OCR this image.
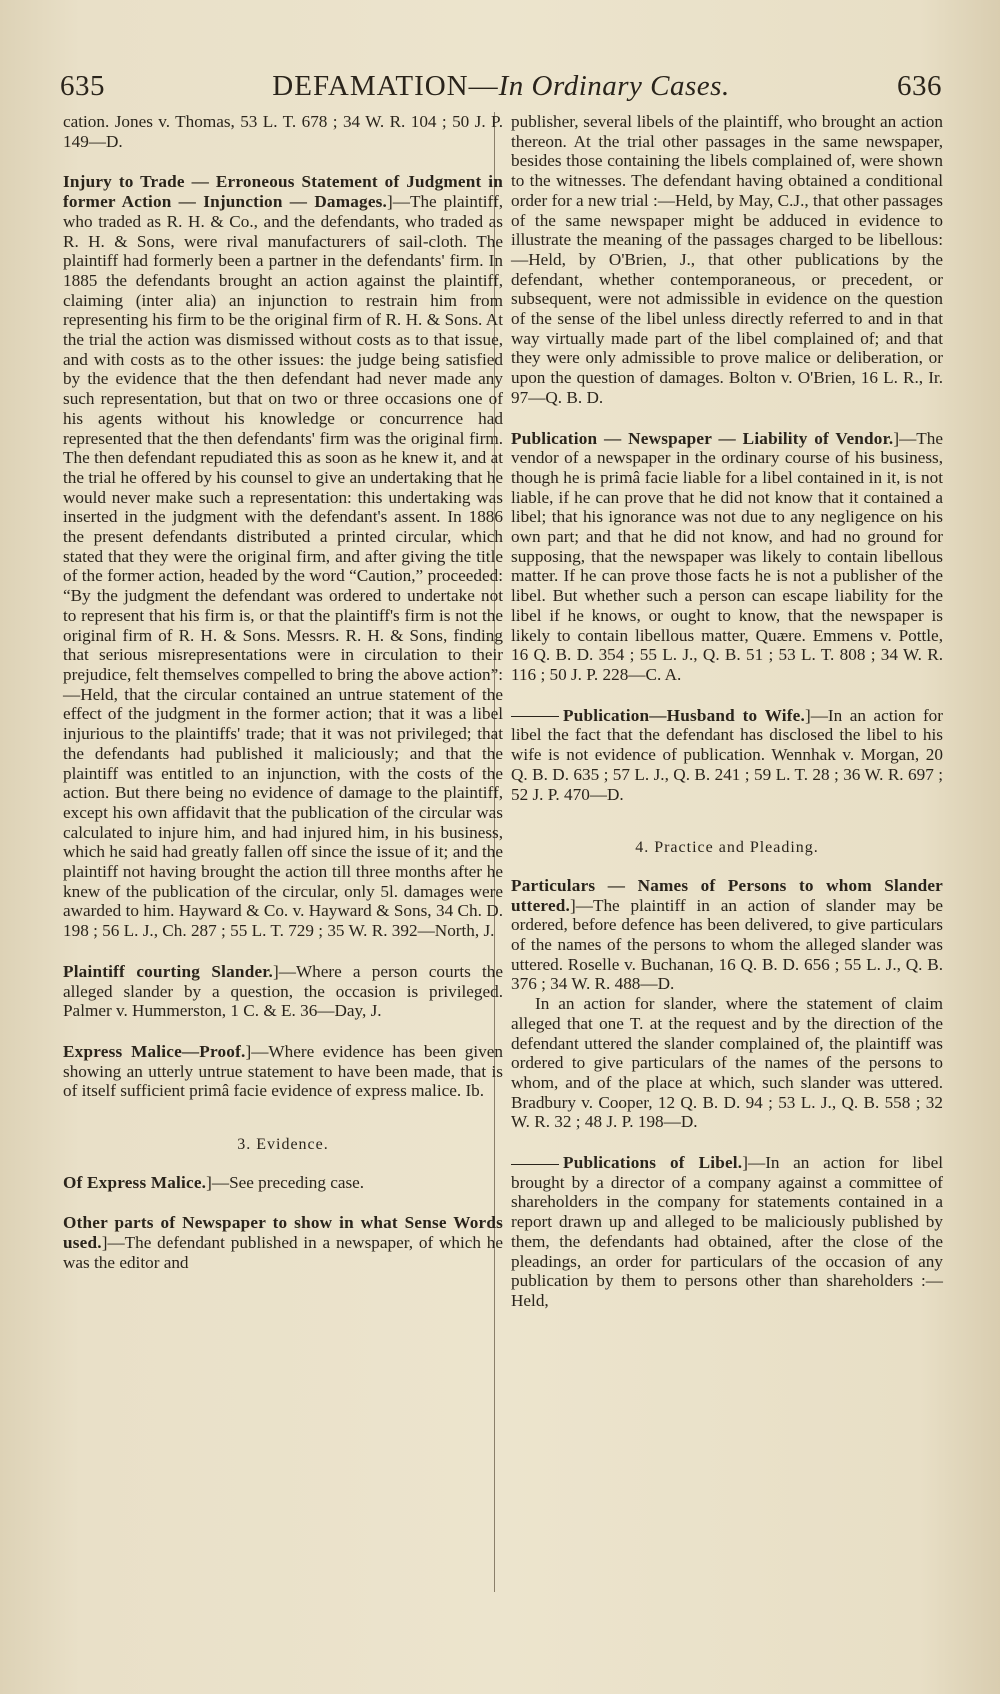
635	DEFAMATION—In Ordinary Cases.	636

cation. Jones v. Thomas, 53 L. T. 678 ; 34 W. R. 104 ; 50 J. P. 149—D.

Injury to Trade — Erroneous Statement of Judgment in former Action — Injunction — Damages.]—The plaintiff, who traded as R. H. & Co., and the defendants, who traded as R. H. & Sons, were rival manufacturers of sail-cloth. The plaintiff had formerly been a partner in the defendants' firm. In 1885 the defendants brought an action against the plaintiff, claiming (inter alia) an injunction to restrain him from representing his firm to be the original firm of R. H. & Sons. At the trial the action was dismissed without costs as to that issue, and with costs as to the other issues: the judge being satisfied by the evidence that the then defendant had never made any such representation, but that on two or three occasions one of his agents without his knowledge or concurrence had represented that the then defendants' firm was the original firm. The then defendant repudiated this as soon as he knew it, and at the trial he offered by his counsel to give an undertaking that he would never make such a representation: this undertaking was inserted in the judgment with the defendant's assent. In 1886 the present defendants distributed a printed circular, which stated that they were the original firm, and after giving the title of the former action, headed by the word “Caution,” proceeded: “By the judgment the defendant was ordered to undertake not to represent that his firm is, or that the plaintiff's firm is not the original firm of R. H. & Sons. Messrs. R. H. & Sons, finding that serious misrepresentations were in circulation to their prejudice, felt themselves compelled to bring the above action”: —Held, that the circular contained an untrue statement of the effect of the judgment in the former action; that it was a libel injurious to the plaintiffs' trade; that it was not privileged; that the defendants had published it maliciously; and that the plaintiff was entitled to an injunction, with the costs of the action. But there being no evidence of damage to the plaintiff, except his own affidavit that the publication of the circular was calculated to injure him, and had injured him, in his business, which he said had greatly fallen off since the issue of it; and the plaintiff not having brought the action till three months after he knew of the publication of the circular, only 5l. damages were awarded to him. Hayward & Co. v. Hayward & Sons, 34 Ch. D. 198 ; 56 L. J., Ch. 287 ; 55 L. T. 729 ; 35 W. R. 392—North, J.

Plaintiff courting Slander.]—Where a person courts the alleged slander by a question, the occasion is privileged. Palmer v. Hummerston, 1 C. & E. 36—Day, J.

Express Malice—Proof.]—Where evidence has been given showing an utterly untrue statement to have been made, that is of itself sufficient primâ facie evidence of express malice. Ib.

3. Evidence.

Of Express Malice.]—See preceding case.

Other parts of Newspaper to show in what Sense Words used.]—The defendant published in a newspaper, of which he was the editor and

publisher, several libels of the plaintiff, who brought an action thereon. At the trial other passages in the same newspaper, besides those containing the libels complained of, were shown to the witnesses. The defendant having obtained a conditional order for a new trial :—Held, by May, C.J., that other passages of the same newspaper might be adduced in evidence to illustrate the meaning of the passages charged to be libellous:—Held, by O'Brien, J., that other publications by the defendant, whether contemporaneous, or precedent, or subsequent, were not admissible in evidence on the question of the sense of the libel unless directly referred to and in that way virtually made part of the libel complained of; and that they were only admissible to prove malice or deliberation, or upon the question of damages. Bolton v. O'Brien, 16 L. R., Ir. 97—Q. B. D.

Publication — Newspaper — Liability of Vendor.]—The vendor of a newspaper in the ordinary course of his business, though he is primâ facie liable for a libel contained in it, is not liable, if he can prove that he did not know that it contained a libel; that his ignorance was not due to any negligence on his own part; and that he did not know, and had no ground for supposing, that the newspaper was likely to contain libellous matter. If he can prove those facts he is not a publisher of the libel. But whether such a person can escape liability for the libel if he knows, or ought to know, that the newspaper is likely to contain libellous matter, Quære. Emmens v. Pottle, 16 Q. B. D. 354 ; 55 L. J., Q. B. 51 ; 53 L. T. 808 ; 34 W. R. 116 ; 50 J. P. 228—C. A.

Publication—Husband to Wife.]—In an action for libel the fact that the defendant has disclosed the libel to his wife is not evidence of publication. Wennhak v. Morgan, 20 Q. B. D. 635 ; 57 L. J., Q. B. 241 ; 59 L. T. 28 ; 36 W. R. 697 ; 52 J. P. 470—D.

4. Practice and Pleading.

Particulars — Names of Persons to whom Slander uttered.]—The plaintiff in an action of slander may be ordered, before defence has been delivered, to give particulars of the names of the persons to whom the alleged slander was uttered. Roselle v. Buchanan, 16 Q. B. D. 656 ; 55 L. J., Q. B. 376 ; 34 W. R. 488—D.

In an action for slander, where the statement of claim alleged that one T. at the request and by the direction of the defendant uttered the slander complained of, the plaintiff was ordered to give particulars of the names of the persons to whom, and of the place at which, such slander was uttered. Bradbury v. Cooper, 12 Q. B. D. 94 ; 53 L. J., Q. B. 558 ; 32 W. R. 32 ; 48 J. P. 198—D.

Publications of Libel.]—In an action for libel brought by a director of a company against a committee of shareholders in the company for statements contained in a report drawn up and alleged to be maliciously published by them, the defendants had obtained, after the close of the pleadings, an order for particulars of the occasion of any publication by them to persons other than shareholders :—Held,
